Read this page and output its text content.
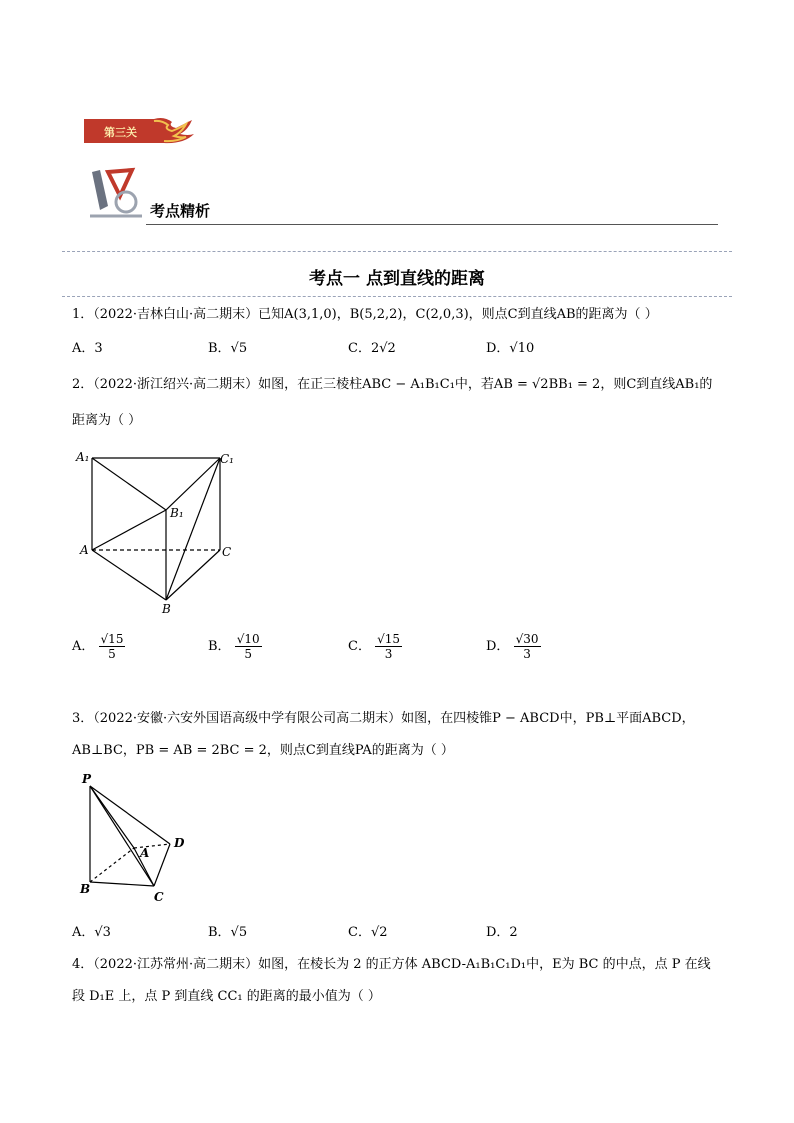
第三关
考点精析
考点一 点到直线的距离
1．（2022·吉林白山·高二期末）已知A(3,1,0)，B(5,2,2)，C(2,0,3)，则点C到直线AB的距离为（ ）
A．3	B．√5	C．2√2	D．√10
2．（2022·浙江绍兴·高二期末）如图，在正三棱柱ABC − A₁B₁C₁中，若AB = √2BB₁ = 2，则C到直线AB₁的
距离为（ ）
A₁	C₁
B₁
A	C
B
A． $\frac{√15}{5}$	B． $\frac{√10}{5}$	C． $\frac{√15}{3}$	D． $\frac{√30}{3}$
3．（2022·安徽·六安外国语高级中学有限公司高二期末）如图，在四棱锥P − ABCD中，PB⊥平面ABCD，
AB⊥BC，PB = AB = 2BC = 2，则点C到直线PA的距离为（ ）
P
A
D
B
C
A．√3	B．√5	C．√2	D．2
4．（2022·江苏常州·高二期末）如图，在棱长为 2 的正方体 ABCD-A₁B₁C₁D₁中，E为 BC 的中点，点 P 在线
段 D₁E 上，点 P 到直线 CC₁ 的距离的最小值为（ ）
